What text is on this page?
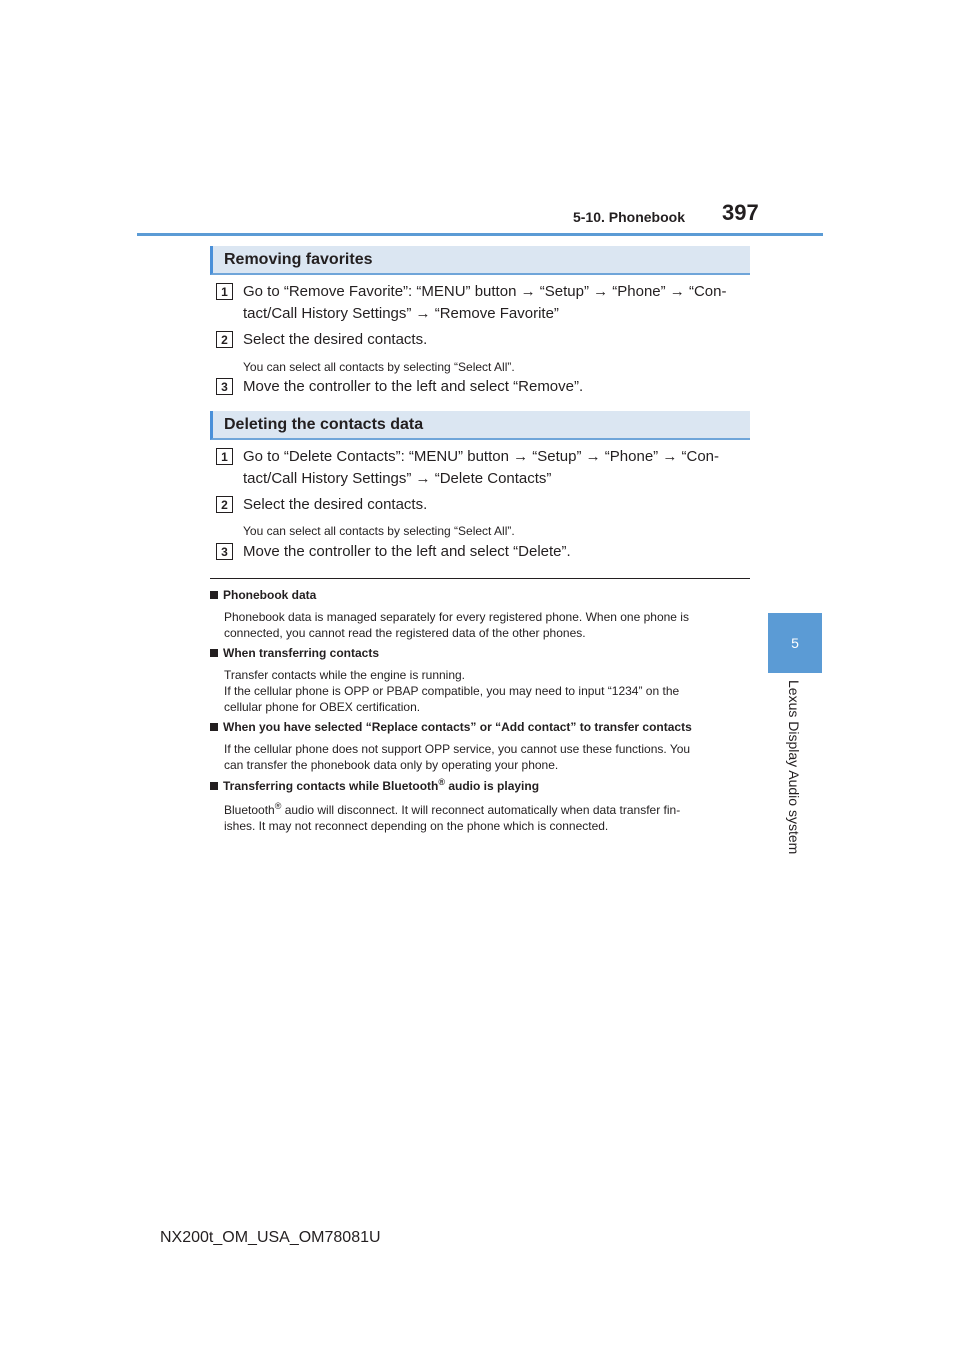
5-10. Phonebook 397
5
Lexus Display Audio system
Removing favorites
1 Go to “Remove Favorite”: “MENU” button → “Setup” → “Phone” → “Con-
tact/Call History Settings” → “Remove Favorite”
2 Select the desired contacts.
You can select all contacts by selecting “Select All”.
3 Move the controller to the left and select “Remove”.
Deleting the contacts data
1 Go to “Delete Contacts”: “MENU” button → “Setup” → “Phone” → “Con-
tact/Call History Settings” → “Delete Contacts”
2 Select the desired contacts.
You can select all contacts by selecting “Select All”.
3 Move the controller to the left and select “Delete”.
Phonebook data
Phonebook data is managed separately for every registered phone. When one phone is
connected, you cannot read the registered data of the other phones.
When transferring contacts
Transfer contacts while the engine is running.
If the cellular phone is OPP or PBAP compatible, you may need to input “1234” on the
cellular phone for OBEX certification.
When you have selected “Replace contacts” or “Add contact” to transfer contacts
If the cellular phone does not support OPP service, you cannot use these functions. You
can transfer the phonebook data only by operating your phone.
Transferring contacts while Bluetooth® audio is playing
Bluetooth® audio will disconnect. It will reconnect automatically when data transfer fin-
ishes. It may not reconnect depending on the phone which is connected.
NX200t_OM_USA_OM78081U
